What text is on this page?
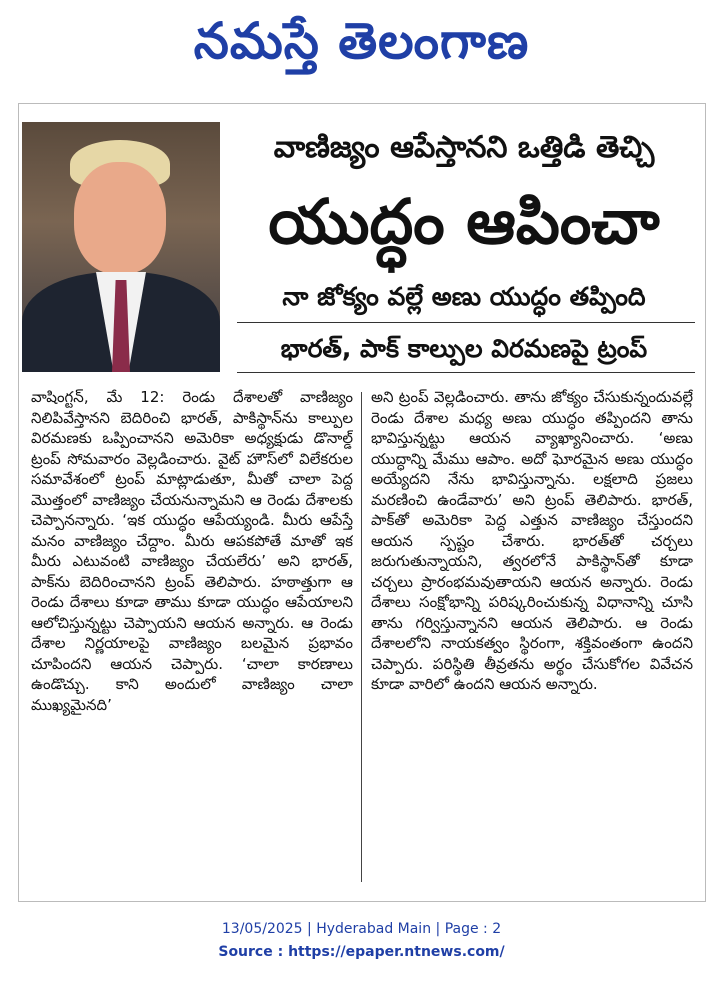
నమస్తే తెలంగాణ
వాణిజ్యం ఆపేస్తానని ఒత్తిడి తెచ్చి
యుద్ధం ఆపించా
నా జోక్యం వల్లే అణు యుద్ధం తప్పింది
భారత్, పాక్ కాల్పుల విరమణపై ట్రంప్
వాషింగ్టన్, మే 12: రెండు దేశాలతో వాణిజ్యం నిలిపివేస్తానని బెదిరించి భారత్, పాకిస్థాన్‌ను కాల్పుల విరమణకు ఒప్పించానని అమెరికా అధ్యక్షుడు డొనాల్డ్ ట్రంప్ సోమవారం వెల్లడించారు. వైట్ హౌస్‌లో విలేకరుల సమావేశంలో ట్రంప్ మాట్లాడుతూ, మీతో చాలా పెద్ద మొత్తంలో వాణిజ్యం చేయనున్నామని ఆ రెండు దేశాలకు చెప్పానన్నారు. ‘ఇక యుద్ధం ఆపేయ్యండి. మీరు ఆపేస్తే మనం వాణిజ్యం చేద్దాం. మీరు ఆపకపోతే మాతో ఇక మీరు ఎటువంటి వాణిజ్యం చేయలేరు’ అని భారత్, పాక్‌ను బెదిరించానని ట్రంప్ తెలిపారు. హఠాత్తుగా ఆ రెండు దేశాలు కూడా తాము కూడా యుద్ధం ఆపేయాలని ఆలోచిస్తున్నట్టు చెప్పాయని ఆయన అన్నారు. ఆ రెండు దేశాల నిర్ణయాలపై వాణిజ్యం బలమైన ప్రభావం చూపిందని ఆయన చెప్పారు. ‘చాలా కారణాలు ఉండొచ్చు. కాని అందులో వాణిజ్యం చాలా ముఖ్యమైనది’
అని ట్రంప్ వెల్లడించారు. తాను జోక్యం చేసుకున్నందువల్లే రెండు దేశాల మధ్య అణు యుద్ధం తప్పిందని తాను భావిస్తున్నట్టు ఆయన వ్యాఖ్యానించారు. ‘అణు యుద్ధాన్ని మేము ఆపాం. అదో ఘోరమైన అణు యుద్ధం అయ్యేదని నేను భావిస్తున్నాను. లక్షలాది ప్రజలు మరణించి ఉండేవారు’ అని ట్రంప్ తెలిపారు. భారత్, పాక్‌తో అమెరికా పెద్ద ఎత్తున వాణిజ్యం చేస్తుందని ఆయన స్పష్టం చేశారు. భారత్‌తో చర్చలు జరుగుతున్నాయని, త్వరలోనే పాకిస్థాన్‌తో కూడా చర్చలు ప్రారంభమవుతాయని ఆయన అన్నారు. రెండు దేశాలు సంక్షోభాన్ని పరిష్కరించుకున్న విధానాన్ని చూసి తాను గర్విస్తున్నానని ఆయన తెలిపారు. ఆ రెండు దేశాలలోని నాయకత్వం స్థిరంగా, శక్తివంతంగా ఉందని చెప్పారు. పరిస్థితి తీవ్రతను అర్థం చేసుకోగల వివేచన కూడా వారిలో ఉందని ఆయన అన్నారు.
13/05/2025 | Hyderabad Main | Page : 2
Source : https://epaper.ntnews.com/
